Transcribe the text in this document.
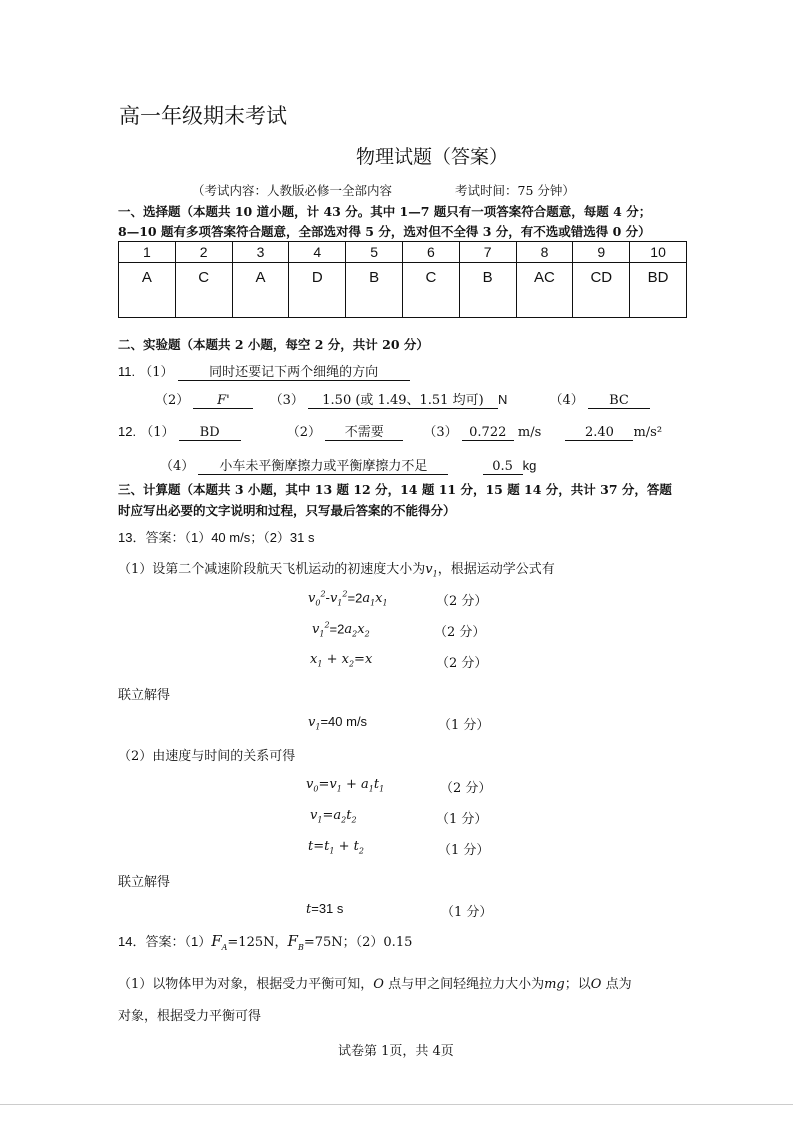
高一年级期末考试
物理试题（答案）
（考试内容：人教版必修一全部内容	考试时间：75 分钟）
一、选择题（本题共 10 道小题，计 43 分。其中 1—7 题只有一项答案符合题意，每题 4 分；
8—10 题有多项答案符合题意，全部选对得 5 分，选对但不全得 3 分，有不选或错选得 0 分）
1	2	3	4	5	6	7	8	9	10
A	C	A	D	B	C	B	AC	CD	BD
二、实验题（本题共 2 小题，每空 2 分，共计 20 分）
11. （1）	同时还要记下两个细绳的方向
（2） F'	（3） 1.50 (或 1.49、1.51 均可) N	（4） BC
12. （1） BD	（2） 不需要	（3） 0.722 m/s	2.40 m/s²
（4） 小车未平衡摩擦力或平衡摩擦力不足	0.5 kg
三、计算题（本题共 3 小题，其中 13 题 12 分，14 题 11 分，15 题 14 分，共计 37 分，答题
时应写出必要的文字说明和过程，只写最后答案的不能得分）
13．答案：（1）40 m/s；（2）31 s
（1）设第二个减速阶段航天飞机运动的初速度大小为$v_1$，根据运动学公式有
$v_0^2-v_1^2=2a_1x_1$	（2 分）
$v_1^2=2a_2x_2$	（2 分）
$x_1 + x_2=x$	（2 分）
联立解得
$v_1=40$ m/s	（1 分）
（2）由速度与时间的关系可得
$v_0=v_1 + a_1t_1$	（2 分）
$v_1=a_2t_2$	（1 分）
$t=t_1 + t_2$	（1 分）
联立解得
t=31 s	（1 分）
14．答案：$(1)F_A=125N$，$F_B=75N$；（2）0.15
（1）以物体甲为对象，根据受力平衡可知，O 点与甲之间轻绳拉力大小为mg；以O 点为
对象，根据受力平衡可得
试卷第 1页，共 4页
